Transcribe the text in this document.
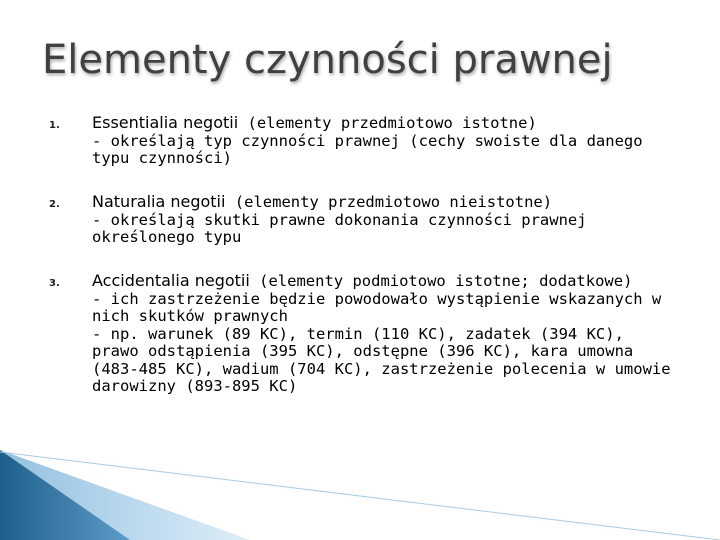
Elementy czynności prawnej
1. Essentialia negotii (elementy przedmiotowo istotne)
- określają typ czynności prawnej (cechy swoiste dla danego typu czynności)
2. Naturalia negotii (elementy przedmiotowo nieistotne)
- określają skutki prawne dokonania czynności prawnej określonego typu
3. Accidentalia negotii (elementy podmiotowo istotne; dodatkowe)
- ich zastrzeżenie będzie powodowało wystąpienie wskazanych w nich skutków prawnych
- np. warunek (89 KC), termin (110 KC), zadatek (394 KC), prawo odstąpienia (395 KC), odstępne (396 KC), kara umowna (483-485 KC), wadium (704 KC), zastrzeżenie polecenia w umowie darowizny (893-895 KC)
